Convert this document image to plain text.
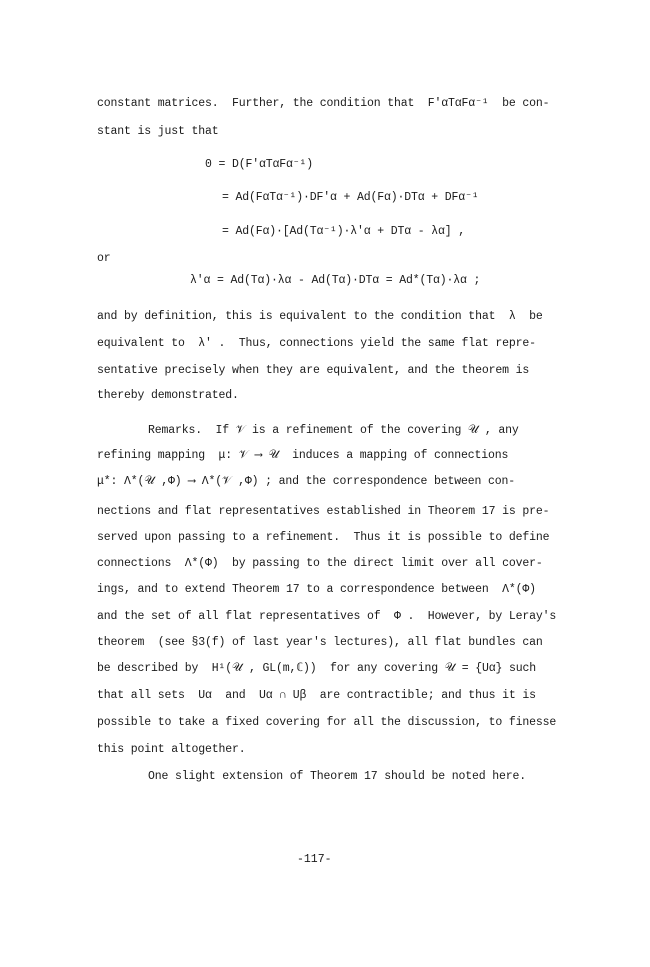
constant matrices.  Further, the condition that  F′αTαFα⁻¹  be con-
stant is just that
0 = D(F′αTαFα⁻¹)
= Ad(FαTα⁻¹)·DF′α + Ad(Fα)·DTα + DFα⁻¹
= Ad(Fα)·[Ad(Tα⁻¹)·λ′α + DTα - λα] ,
or
λ′α = Ad(Tα)·λα - Ad(Tα)·DTα = Ad*(Tα)·λα ;
and by definition, this is equivalent to the condition that  λ  be
equivalent to  λ′ .  Thus, connections yield the same flat repre-
sentative precisely when they are equivalent, and the theorem is
thereby demonstrated.
Remarks.  If 𝒱 is a refinement of the covering 𝒰 , any
refining mapping  μ: 𝒱 ⟶ 𝒰  induces a mapping of connections
μ*: Λ*(𝒰 ,Φ) ⟶ Λ*(𝒱 ,Φ) ; and the correspondence between con-
nections and flat representatives established in Theorem 17 is pre-
served upon passing to a refinement.  Thus it is possible to define
connections  Λ*(Φ)  by passing to the direct limit over all cover-
ings, and to extend Theorem 17 to a correspondence between  Λ*(Φ)
and the set of all flat representatives of  Φ .  However, by Leray's
theorem  (see §3(f) of last year's lectures), all flat bundles can
be described by  H¹(𝒰 , GL(m,ℂ))  for any covering 𝒰 = {Uα} such
that all sets  Uα  and  Uα ∩ Uβ  are contractible; and thus it is
possible to take a fixed covering for all the discussion, to finesse
this point altogether.
One slight extension of Theorem 17 should be noted here.
-117-
